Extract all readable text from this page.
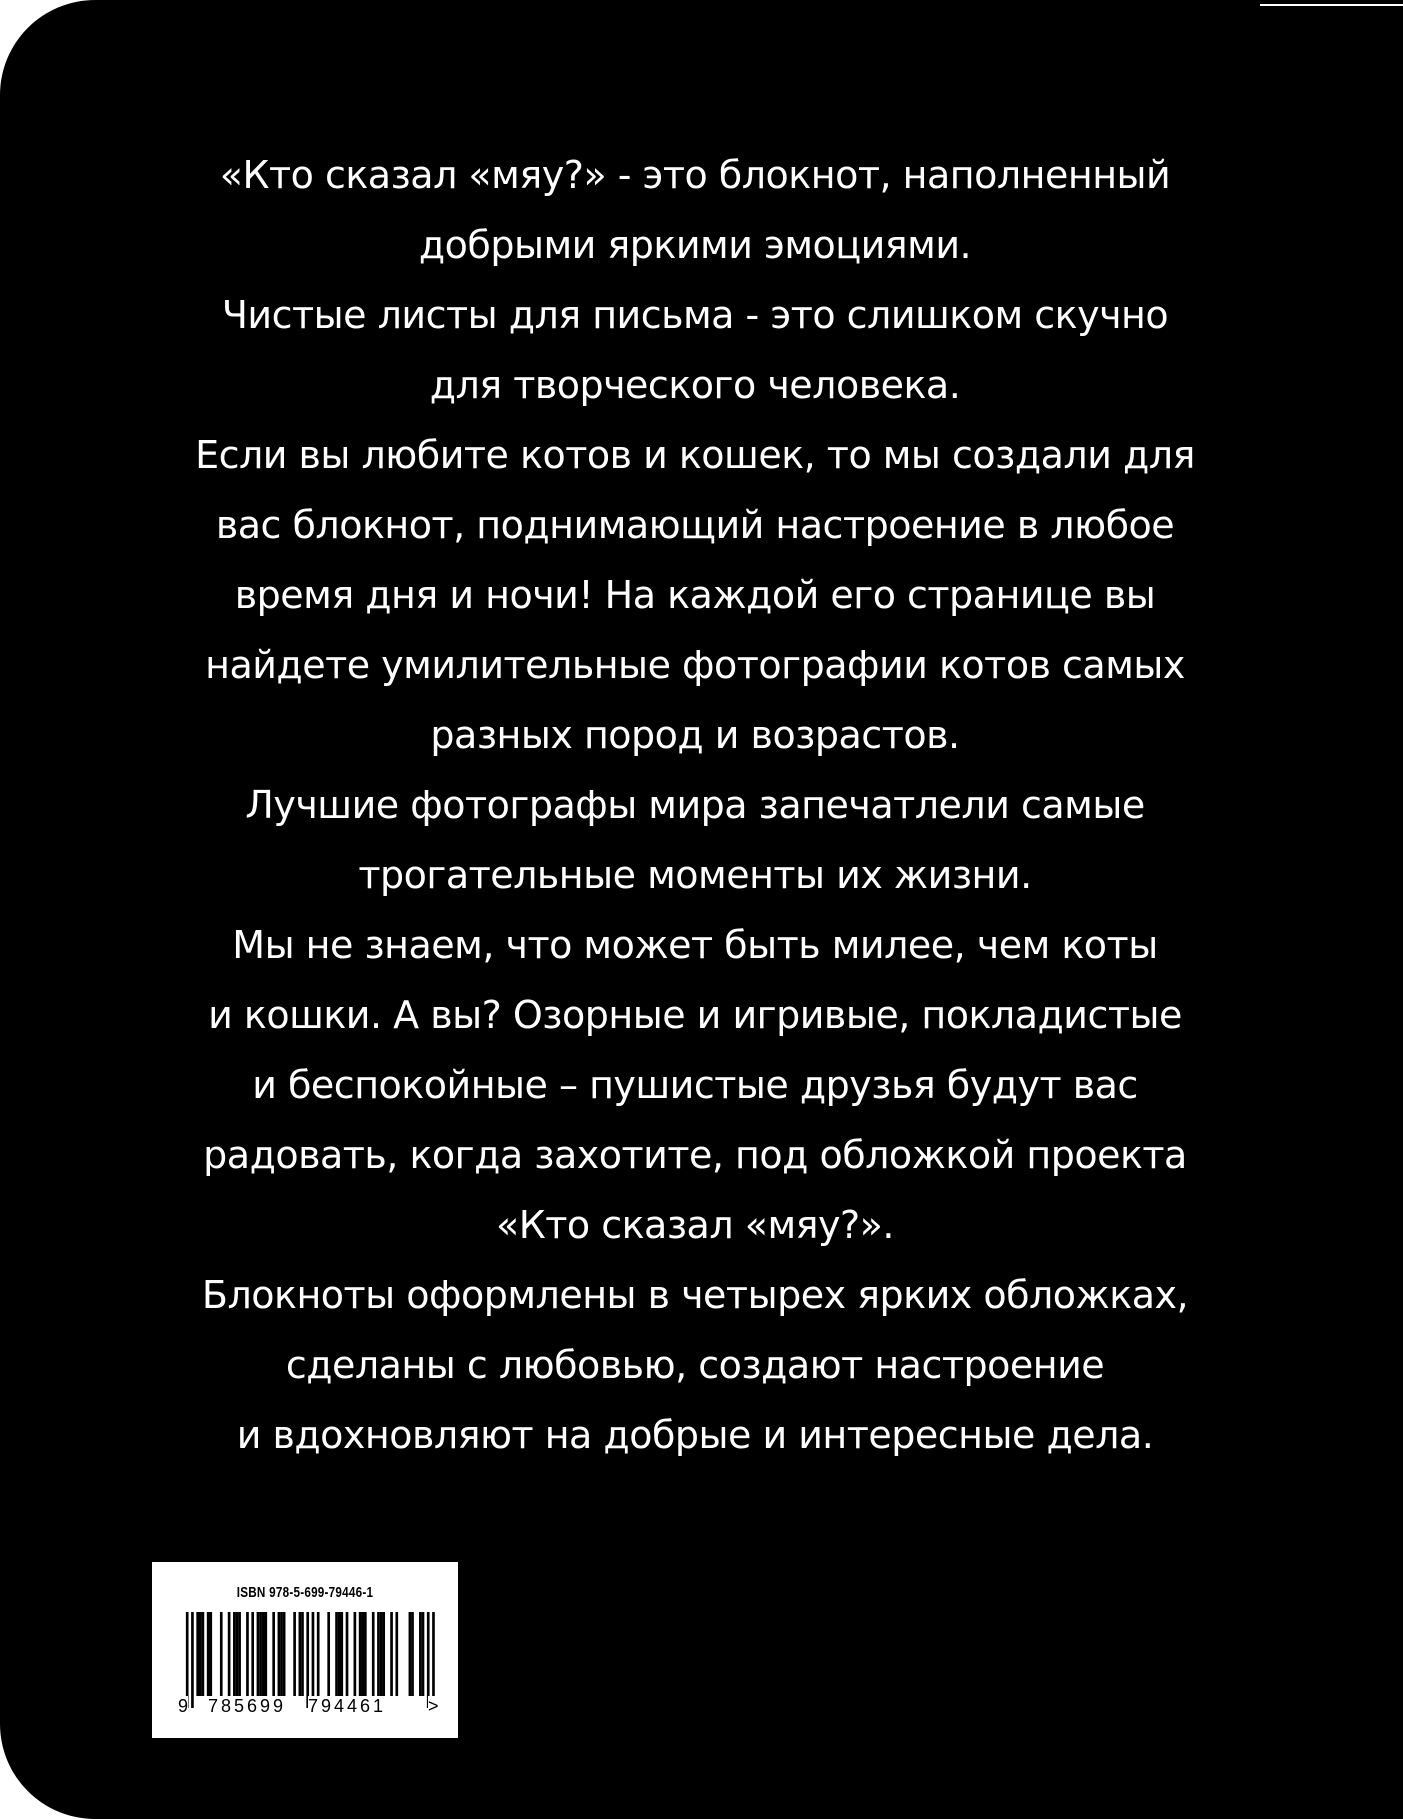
«Кто сказал «мяу?» - это блокнот, наполненный
добрыми яркими эмоциями.
Чистые листы для письма - это слишком скучно
для творческого человека.
Если вы любите котов и кошек, то мы создали для
вас блокнот, поднимающий настроение в любое
время дня и ночи! На каждой его странице вы
найдете умилительные фотографии котов самых
разных пород и возрастов.
Лучшие фотографы мира запечатлели самые
трогательные моменты их жизни.
Мы не знаем, что может быть милее, чем коты
и кошки. А вы? Озорные и игривые, покладистые
и беспокойные – пушистые друзья будут вас
радовать, когда захотите, под обложкой проекта
«Кто сказал «мяу?».
Блокноты оформлены в четырех ярких обложках,
сделаны с любовью, создают настроение
и вдохновляют на добрые и интересные дела.
ISBN 978-5-699-79446-1
9 785699 794461 >
